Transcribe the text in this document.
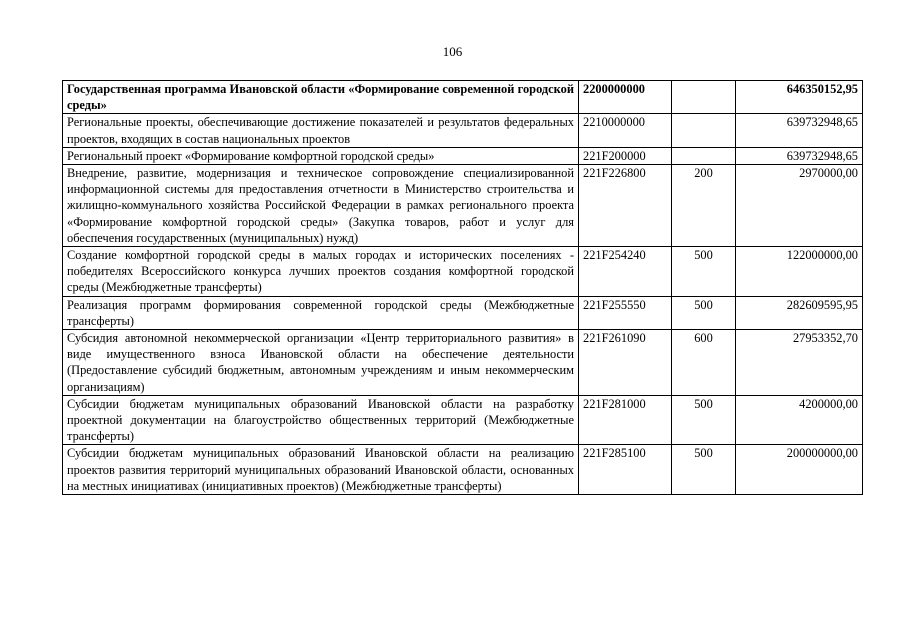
106
Государственная программа Ивановской области «Формирование современной городской среды»	2200000000		646350152,95
Региональные проекты, обеспечивающие достижение показателей и результатов федеральных проектов, входящих в состав национальных проектов	2210000000		639732948,65
Региональный проект «Формирование комфортной городской среды»	221F200000		639732948,65
Внедрение, развитие, модернизация и техническое сопровождение специализированной информационной системы для предоставления отчетности в Министерство строительства и жилищно-коммунального хозяйства Российской Федерации в рамках регионального проекта «Формирование комфортной городской среды» (Закупка товаров, работ и услуг для обеспечения государственных (муниципальных) нужд)	221F226800	200	2970000,00
Создание комфортной городской среды в малых городах и исторических поселениях - победителях Всероссийского конкурса лучших проектов создания комфортной городской среды (Межбюджетные трансферты)	221F254240	500	122000000,00
Реализация программ формирования современной городской среды (Межбюджетные трансферты)	221F255550	500	282609595,95
Субсидия автономной некоммерческой организации «Центр территориального развития» в виде имущественного взноса Ивановской области на обеспечение деятельности (Предоставление субсидий бюджетным, автономным учреждениям и иным некоммерческим организациям)	221F261090	600	27953352,70
Субсидии бюджетам муниципальных образований Ивановской области на разработку проектной документации на благоустройство общественных территорий (Межбюджетные трансферты)	221F281000	500	4200000,00
Субсидии бюджетам муниципальных образований Ивановской области на реализацию проектов развития территорий муниципальных образований Ивановской области, основанных на местных инициативах (инициативных проектов) (Межбюджетные трансферты)	221F285100	500	200000000,00
